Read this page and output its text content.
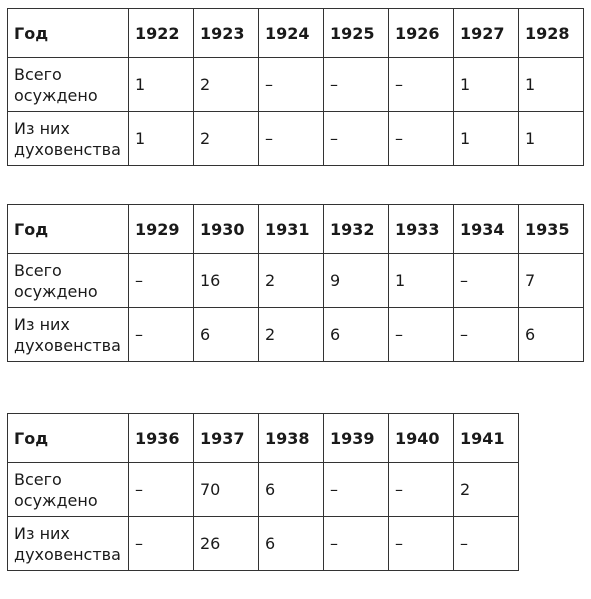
Год	1922	1923	1924	1925	1926	1927	1928
Всего
осуждено	1	2	–	–	–	1	1
Из них
духовенства	1	2	–	–	–	1	1
Год	1929	1930	1931	1932	1933	1934	1935
Всего
осуждено	–	16	2	9	1	–	7
Из них
духовенства	–	6	2	6	–	–	6
Год	1936	1937	1938	1939	1940	1941
Всего
осуждено	–	70	6	–	–	2
Из них
духовенства	–	26	6	–	–	–
